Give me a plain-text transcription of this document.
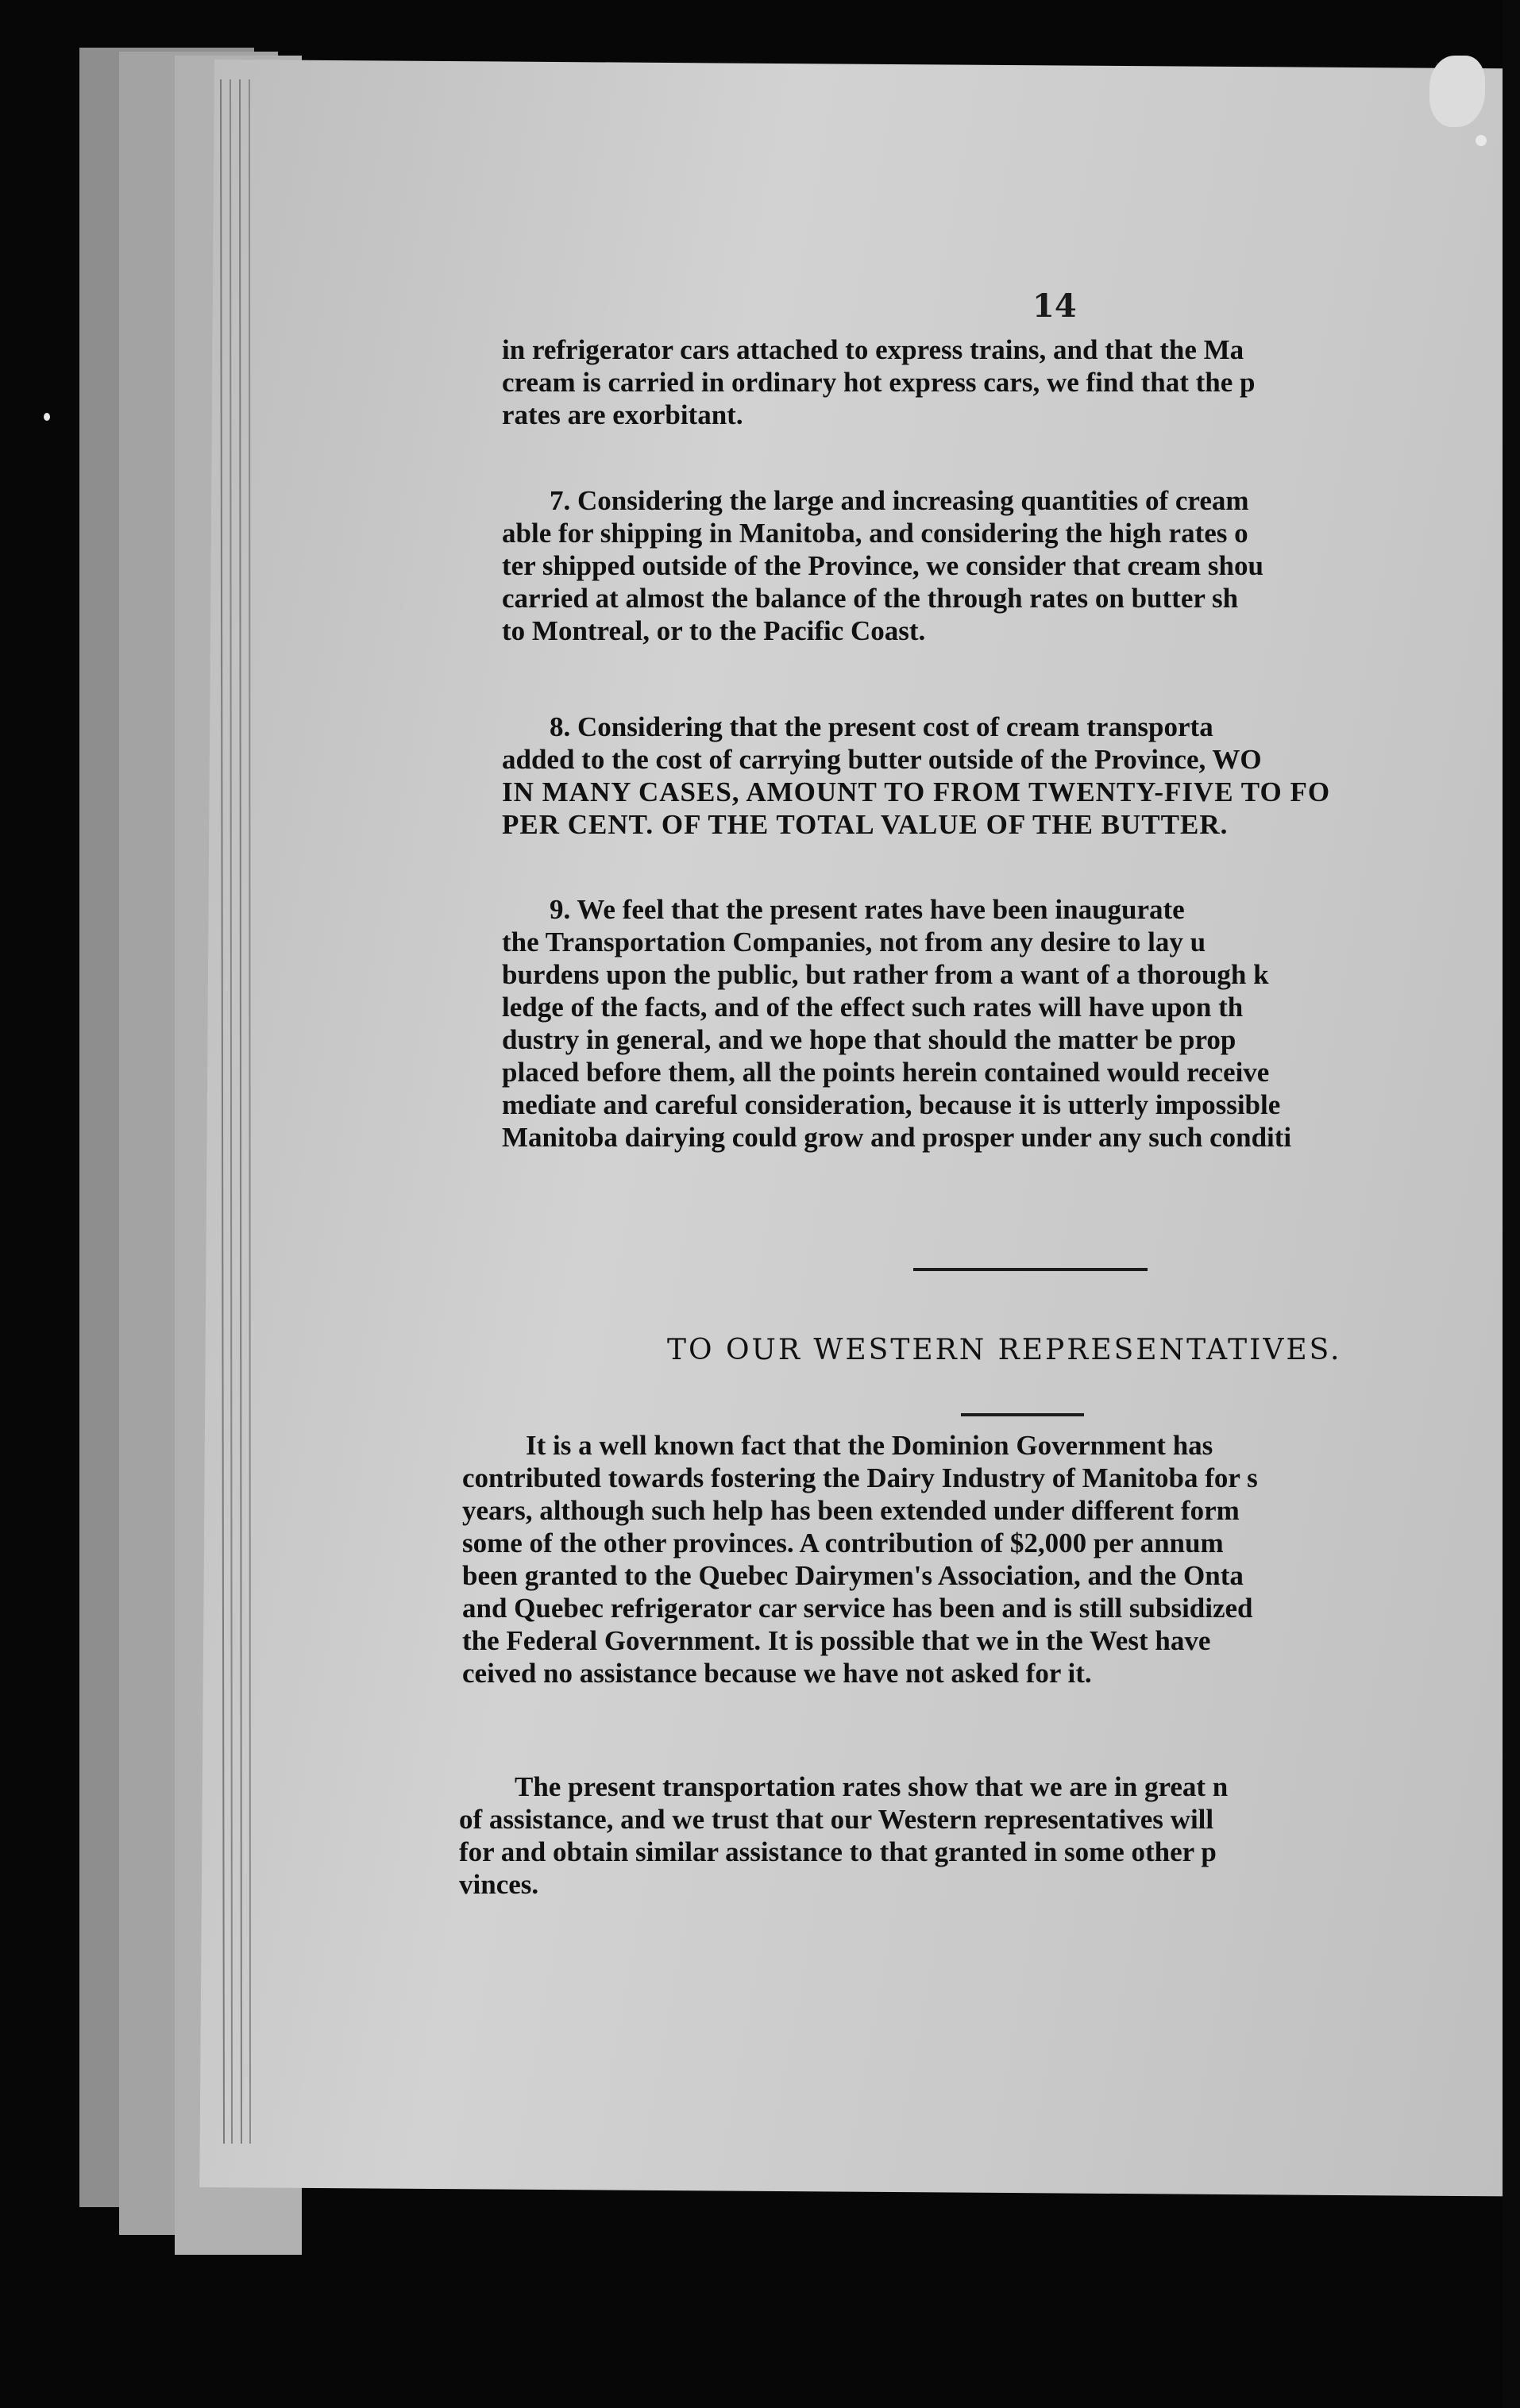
14
in refrigerator cars attached to express trains, and that the Ma
cream is carried in ordinary hot express cars, we find that the p
rates are exorbitant.
7. Considering the large and increasing quantities of cream
able for shipping in Manitoba, and considering the high rates o
ter shipped outside of the Province, we consider that cream shou
carried at almost the balance of the through rates on butter sh
to Montreal, or to the Pacific Coast.
8. Considering that the present cost of cream transporta
added to the cost of carrying butter outside of the Province, WO
IN MANY CASES, AMOUNT TO FROM TWENTY-FIVE TO FO
PER CENT. OF THE TOTAL VALUE OF THE BUTTER.
9. We feel that the present rates have been inaugurate
the Transportation Companies, not from any desire to lay u
burdens upon the public, but rather from a want of a thorough k
ledge of the facts, and of the effect such rates will have upon th
dustry in general, and we hope that should the matter be prop
placed before them, all the points herein contained would receive
mediate and careful consideration, because it is utterly impossible
Manitoba dairying could grow and prosper under any such conditi
TO OUR WESTERN REPRESENTATIVES.
It is a well known fact that the Dominion Government has
contributed towards fostering the Dairy Industry of Manitoba for s
years, although such help has been extended under different form
some of the other provinces. A contribution of $2,000 per annum
been granted to the Quebec Dairymen's Association, and the Onta
and Quebec refrigerator car service has been and is still subsidized
the Federal Government. It is possible that we in the West have
ceived no assistance because we have not asked for it.
The present transportation rates show that we are in great n
of assistance, and we trust that our Western representatives will
for and obtain similar assistance to that granted in some other p
vinces.
